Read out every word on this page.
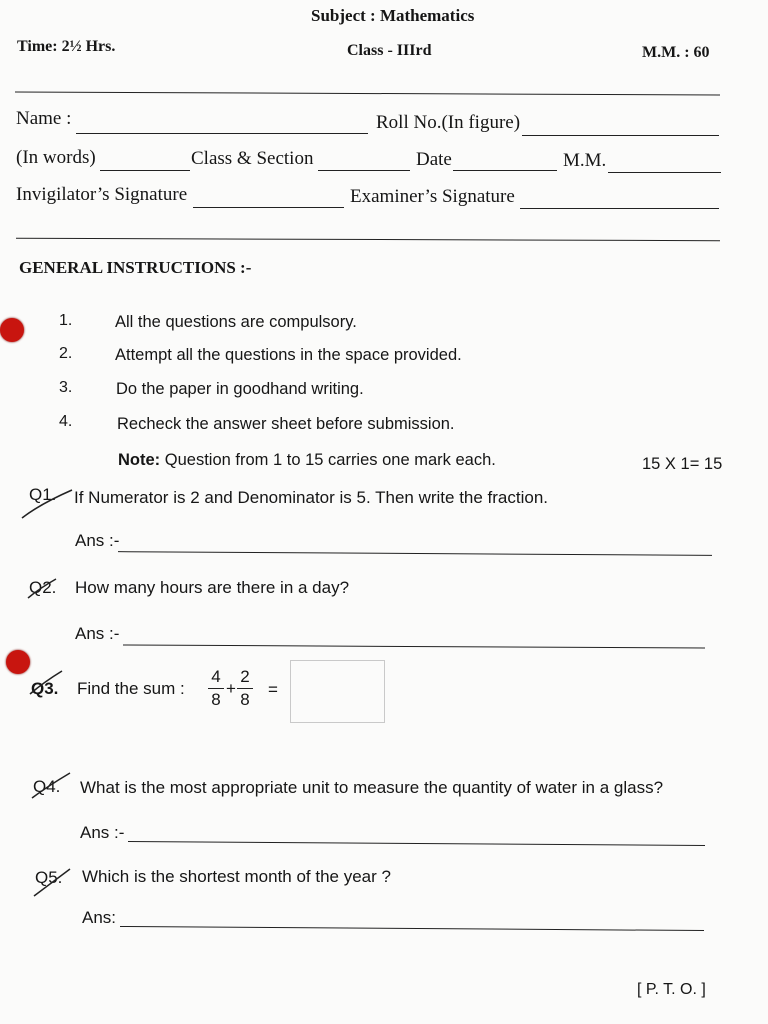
Subject : Mathematics
Time: 2½ Hrs.	Class - IIIrd	M.M. : 60
Name :	Roll No.(In figure)
(In words)	Class & Section	Date	M.M.
Invigilator’s Signature	Examiner’s Signature
GENERAL INSTRUCTIONS :-
1.	All the questions are compulsory.
2.	Attempt all the questions in the space provided.
3.	Do the paper in goodhand writing.
4.	Recheck the answer sheet before submission.
Note: Question from 1 to 15 carries one mark each.	15 X 1= 15
Q1. If Numerator is 2 and Denominator is 5. Then write the fraction.
Ans :-
Q2. How many hours are there in a day?
Ans :-
Q3. Find the sum :
4
8
+
2
8
=
Q4. What is the most appropriate unit to measure the quantity of water in a glass?
Ans :-
Q5. Which is the shortest month of the year ?
Ans:
[ P. T. O. ]
